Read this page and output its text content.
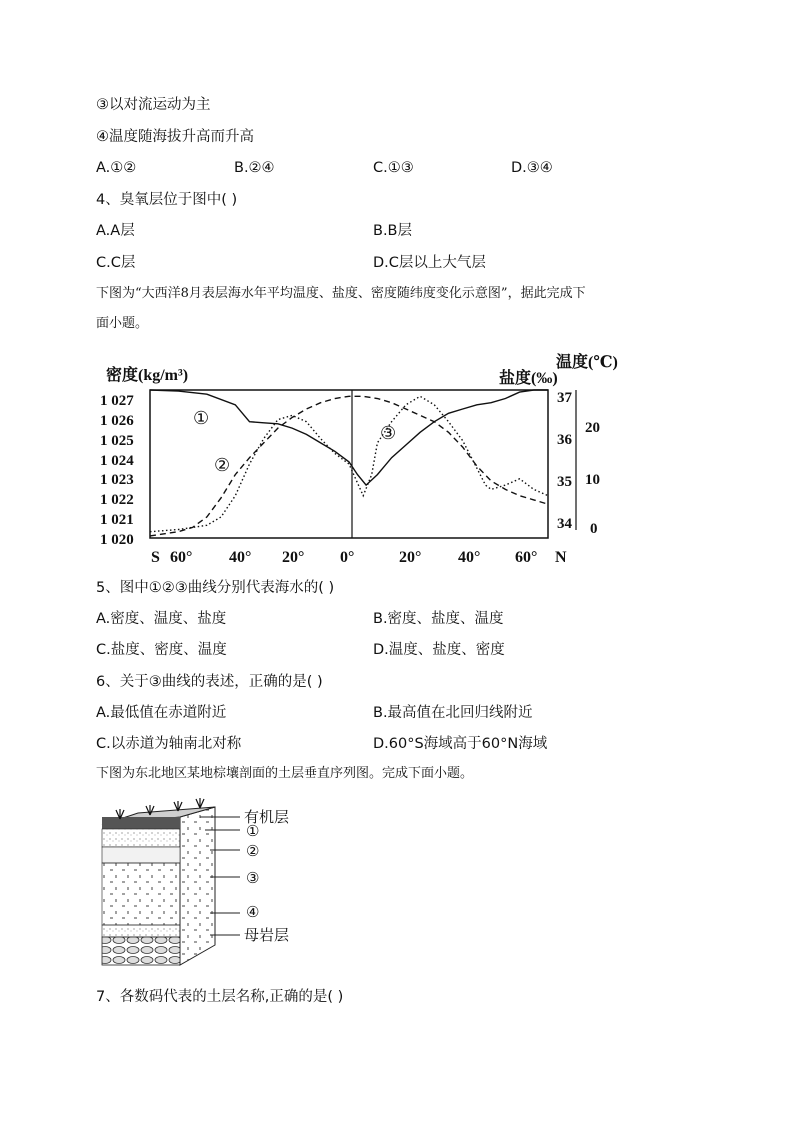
③以对流运动为主
④温度随海拔升高而升高
A.①②	B.②④	C.①③	D.③④
4、臭氧层位于图中( )
A.A层	B.B层
C.C层	D.C层以上大气层
下图为“大西洋8月表层海水年平均温度、盐度、密度随纬度变化示意图”，据此完成下
面小题。
密度(kg/m³)	盐度(‰)
温度(℃)
1 027
1 026
1 025
1 024
1 023
1 022
1 021
1 020
37
36
35
34
20
10
0
①
②
③
S 60° 40° 20° 0°	20° 40° 60° N
5、图中①②③曲线分别代表海水的( )
A.密度、温度、盐度	B.密度、盐度、温度
C.盐度、密度、温度	D.温度、盐度、密度
6、关于③曲线的表述，正确的是( )
A.最低值在赤道附近	B.最高值在北回归线附近
C.以赤道为轴南北对称	D.60°S海域高于60°N海域
下图为东北地区某地棕壤剖面的土层垂直序列图。完成下面小题。
有机层
①
②
③
④
母岩层
7、各数码代表的土层名称,正确的是( )
